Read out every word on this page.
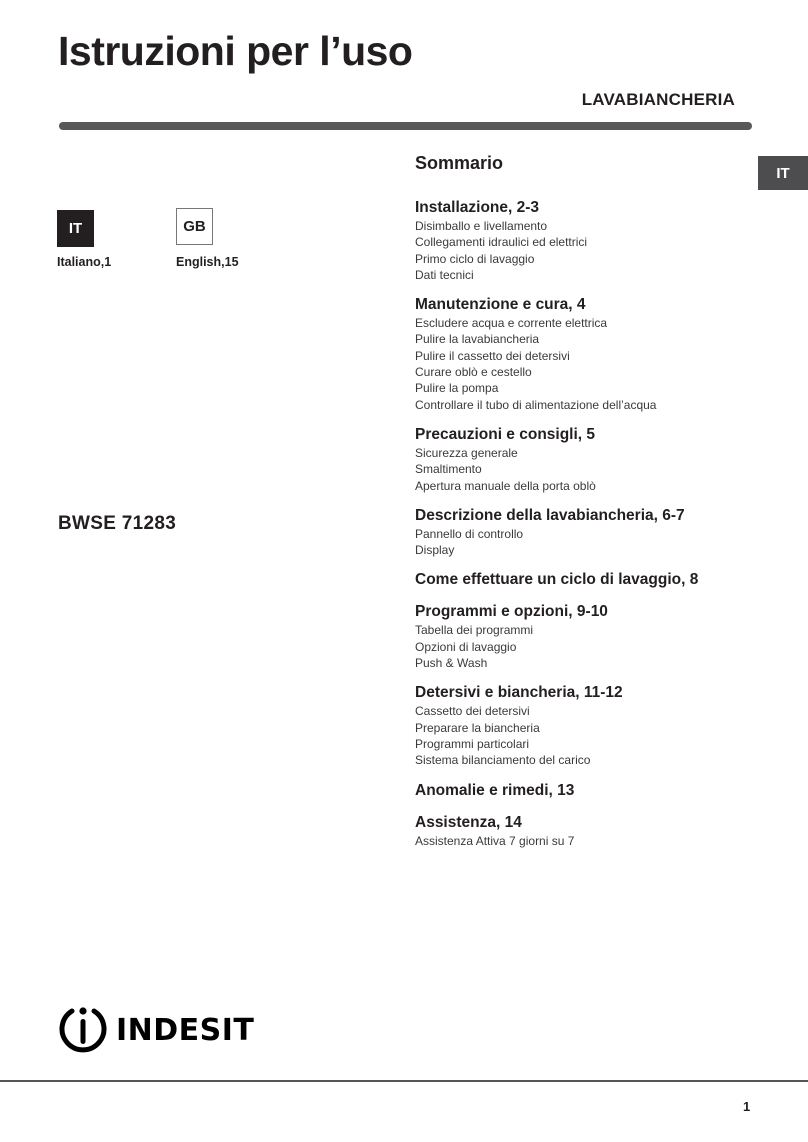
Istruzioni per l’uso
LAVABIANCHERIA
IT
IT
Italiano,1
GB
English,15
BWSE 71283
Sommario
Installazione, 2-3
Disimballo e livellamento
Collegamenti idraulici ed elettrici
Primo ciclo di lavaggio
Dati tecnici
Manutenzione e cura, 4
Escludere acqua e corrente elettrica
Pulire la lavabiancheria
Pulire il cassetto dei detersivi
Curare oblò e cestello
Pulire la pompa
Controllare il tubo di alimentazione dell’acqua
Precauzioni e consigli, 5
Sicurezza generale
Smaltimento
Apertura manuale della porta oblò
Descrizione della lavabiancheria, 6-7
Pannello di controllo
Display
Come effettuare un ciclo di lavaggio, 8
Programmi e opzioni, 9-10
Tabella dei programmi
Opzioni di lavaggio
Push & Wash
Detersivi e biancheria, 11-12
Cassetto dei detersivi
Preparare la biancheria
Programmi particolari
Sistema bilanciamento del carico
Anomalie e rimedi, 13
Assistenza, 14
Assistenza Attiva 7 giorni su 7
INDESIT
1
